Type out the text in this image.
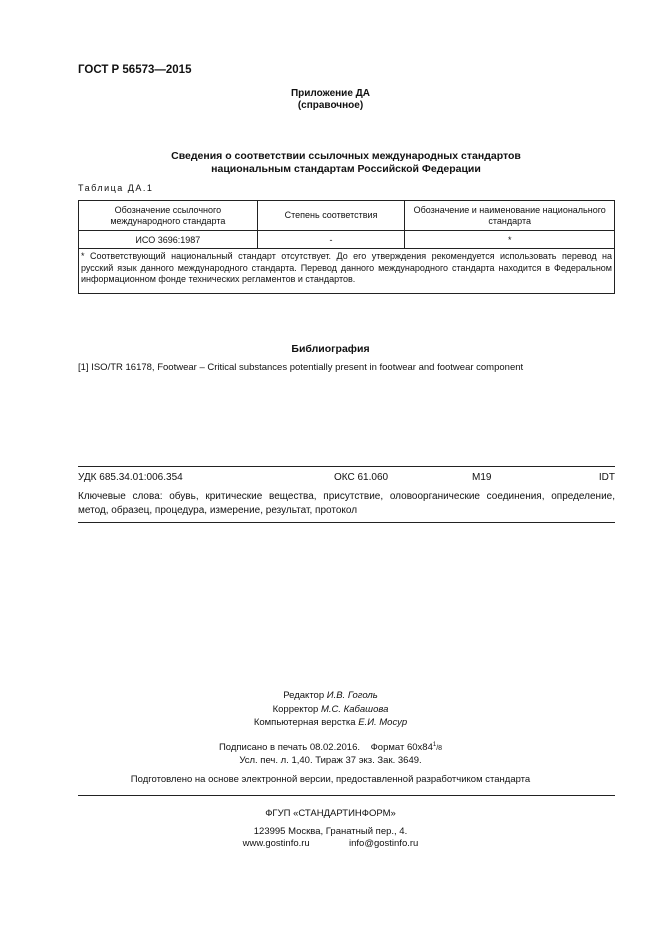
ГОСТ Р 56573—2015
Приложение ДА
(справочное)
Сведения о соответствии ссылочных международных стандартов
национальным стандартам Российской Федерации
Таблица ДА.1
Обозначение ссылочного международного стандарта	Степень соответствия	Обозначение и наименование национального стандарта
ИСО 3696:1987	-	*
* Соответствующий национальный стандарт отсутствует. До его утверждения рекомендуется использовать перевод на русский язык данного международного стандарта. Перевод данного международного стандарта находится в Федеральном информационном фонде технических регламентов и стандартов.		
Библиография
[1] ISO/TR 16178, Footwear – Critical substances potentially present in footwear and footwear component
УДК 685.34.01:006.354	ОКС 61.060	М19	IDT
Ключевые слова: обувь, критические вещества, присутствие, оловоорганические соединения, определение, метод, образец, процедура, измерение, результат, протокол
Редактор И.В. Гоголь
Корректор М.С. Кабашова
Компьютерная верстка Е.И. Мосур
Подписано в печать 08.02.2016. Формат $60x84^1/8$
Усл. печ. л. 1,40. Тираж 37 экз. Зак. 3649.
Подготовлено на основе электронной версии, предоставленной разработчиком стандарта
ФГУП «СТАНДАРТИНФОРМ»
123995 Москва, Гранатный пер., 4.
www.gostinfo.ru	info@gostinfo.ru
